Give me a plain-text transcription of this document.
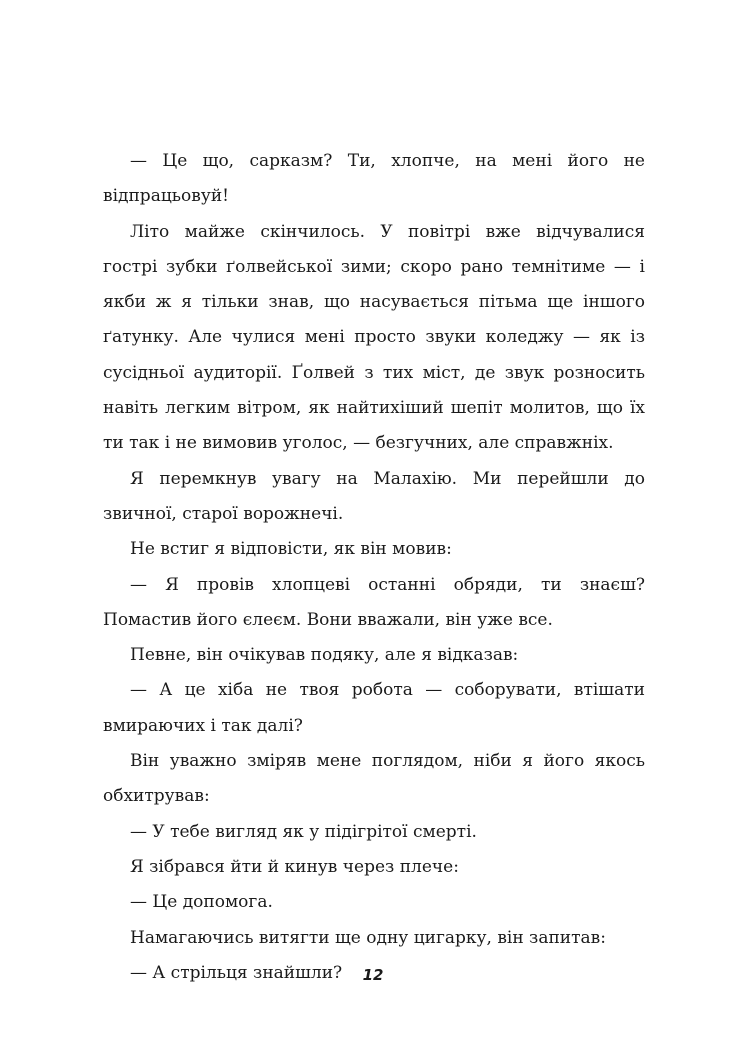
— Це що, сарказм? Ти, хлопче, на мені його не відпрацьовуй!

Літо майже скінчилось. У повітрі вже відчувалися гострі зубки ґолвейської зими; скоро рано темнітиме — і якби ж я тільки знав, що насувається пітьма ще іншого ґатунку. Але чулися мені просто звуки коледжу — як із сусідньої аудиторії. Ґолвей з тих міст, де звук розносить навіть легким вітром, як найтихіший шепіт молитов, що їх ти так і не вимовив уголос, — безгучних, але справжніх.

Я перемкнув увагу на Малахію. Ми перейшли до звичної, старої ворожнечі.

Не встиг я відповісти, як він мовив:

— Я провів хлопцеві останні обряди, ти знаєш? Помастив його єлеєм. Вони вважали, він уже все.

Певне, він очікував подяку, але я відказав:

— А це хіба не твоя робота — соборувати, втішати вмираючих і так далі?

Він уважно зміряв мене поглядом, ніби я його якось обхитрував:

— У тебе вигляд як у підігрітої смерті.

Я зібрався йти й кинув через плече:

— Це допомога.

Намагаючись витягти ще одну цигарку, він запитав:

— А стрільця знайшли?	12
